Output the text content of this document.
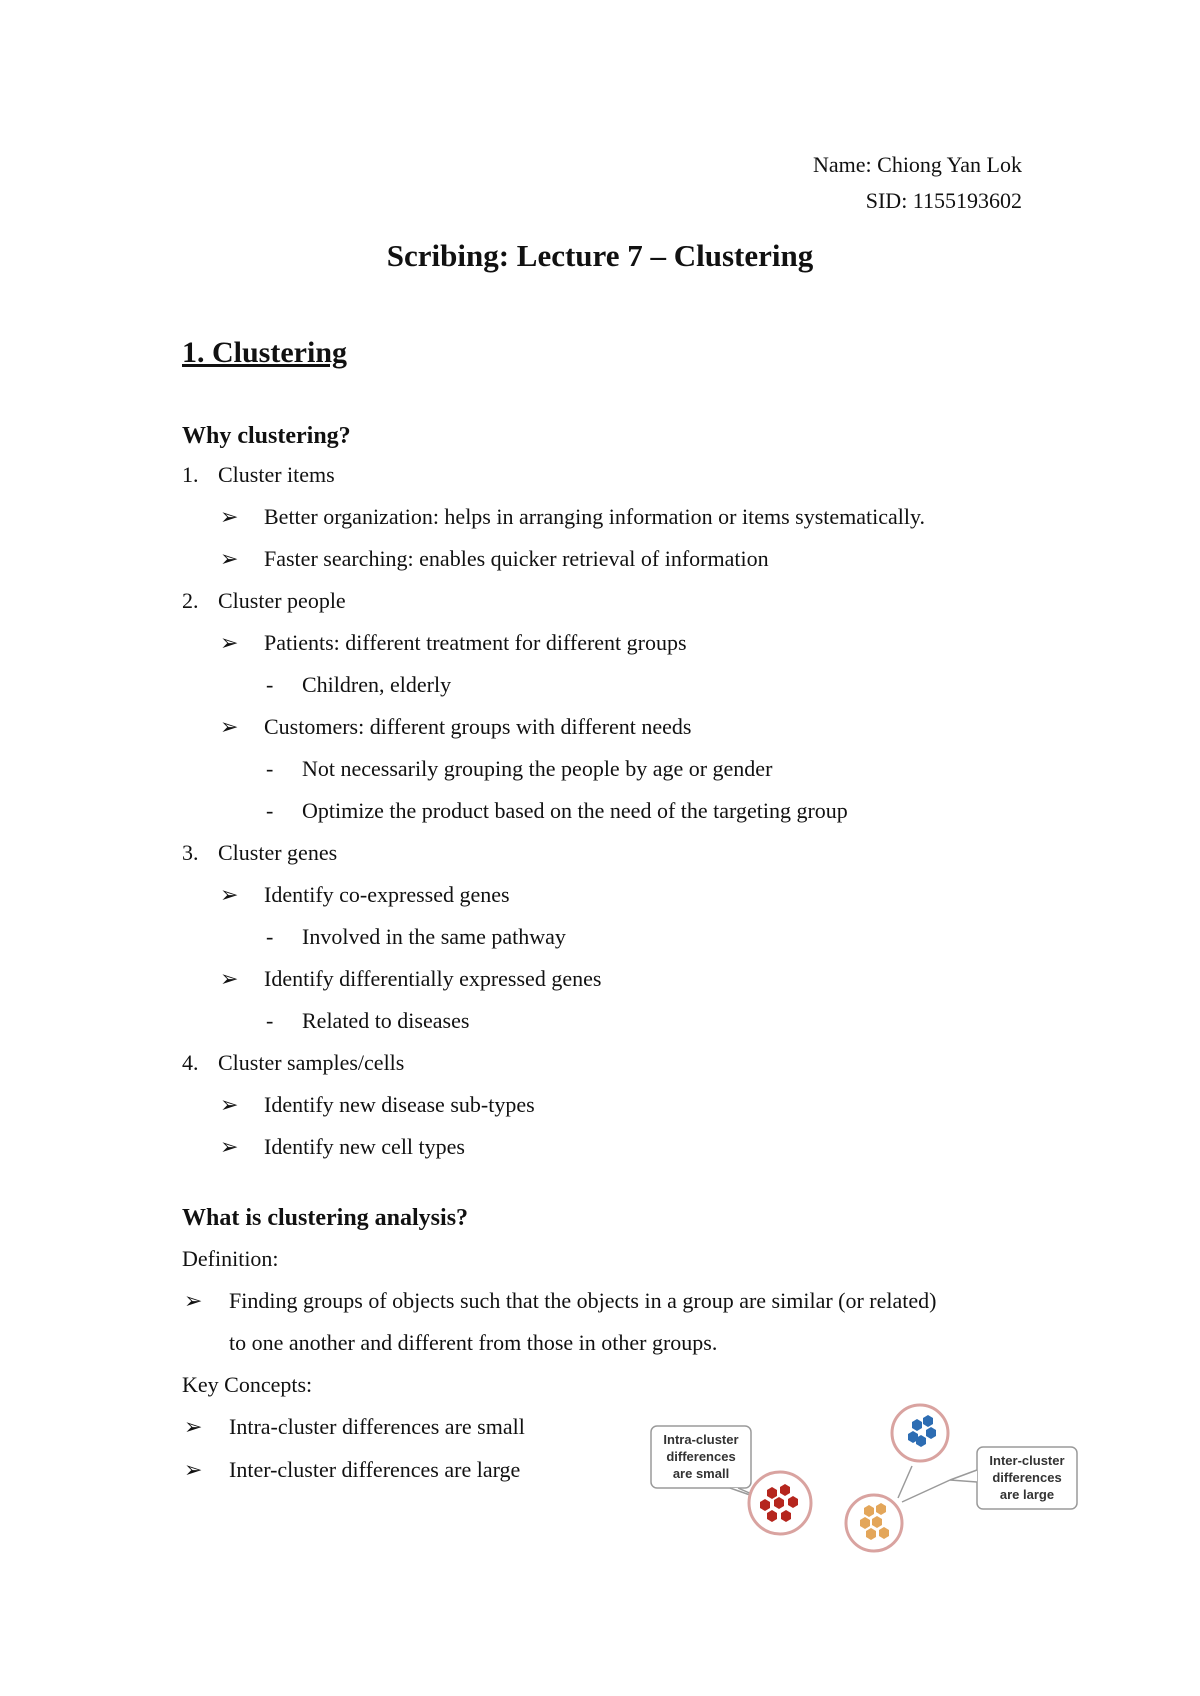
Name: Chiong Yan Lok
SID: 1155193602
Scribing: Lecture 7 – Clustering
1. Clustering
Why clustering?
1. Cluster items
➢ Better organization: helps in arranging information or items systematically.
➢ Faster searching: enables quicker retrieval of information
2. Cluster people
➢ Patients: different treatment for different groups
- Children, elderly
➢ Customers: different groups with different needs
- Not necessarily grouping the people by age or gender
- Optimize the product based on the need of the targeting group
3. Cluster genes
➢ Identify co-expressed genes
- Involved in the same pathway
➢ Identify differentially expressed genes
- Related to diseases
4. Cluster samples/cells
➢ Identify new disease sub-types
➢ Identify new cell types
What is clustering analysis?
Definition:
➢ Finding groups of objects such that the objects in a group are similar (or related)
to one another and different from those in other groups.
Key Concepts:
➢ Intra-cluster differences are small
➢ Inter-cluster differences are large
Intra-cluster
differences
are small
Inter-cluster
differences
are large
